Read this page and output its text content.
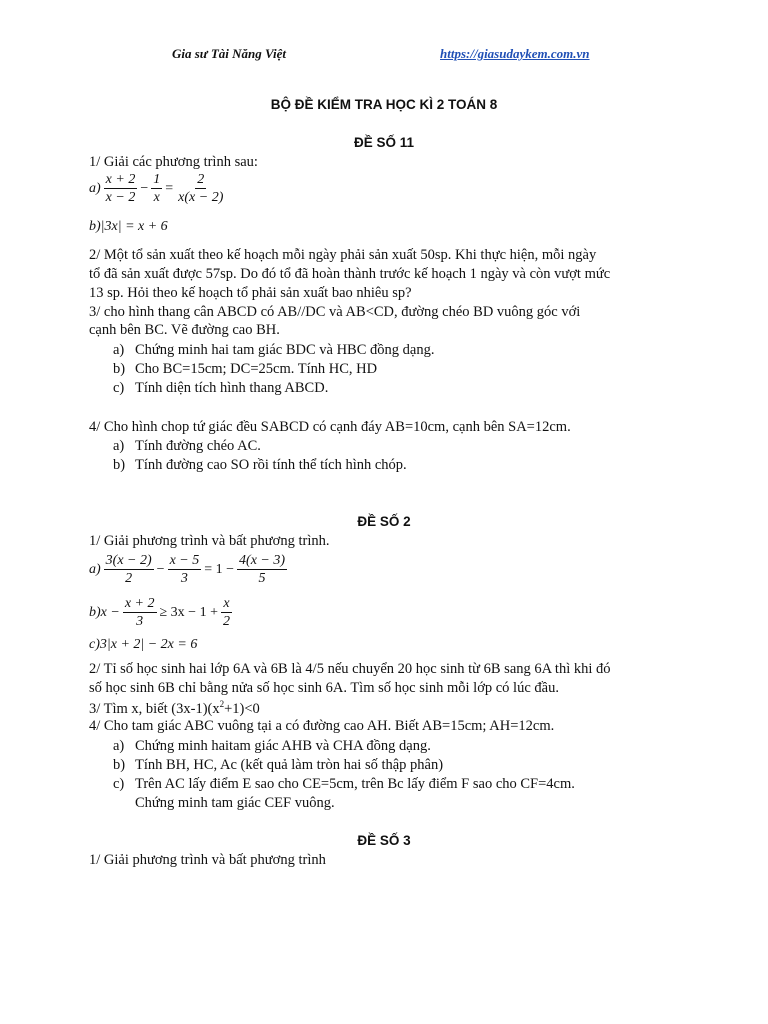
Gia sư Tài Năng Việt	https://giasudaykem.com.vn
BỘ ĐỀ KIỂM TRA HỌC KÌ 2 TOÁN 8
ĐỀ SỐ 11
1/ Giải các phương trình sau:
$a) \frac{x + 2}{x - 2} - \frac{1}{x} = \frac{2}{x(x - 2)}$
b)|3x| = x + 6
2/ Một tổ sản xuất theo kế hoạch mỗi ngày phải sản xuất 50sp. Khi thực hiện, mỗi ngày
tổ đã sản xuất được 57sp. Do đó tổ đã hoàn thành trước kế hoạch 1 ngày và còn vượt mức
13 sp. Hỏi theo kế hoạch tổ phải sản xuất bao nhiêu sp?
3/ cho hình thang cân ABCD có AB//DC và AB<CD, đường chéo BD vuông góc với
cạnh bên BC. Vẽ đường cao BH.
a) Chứng minh hai tam giác BDC và HBC đồng dạng.
b) Cho BC=15cm; DC=25cm. Tính HC, HD
c) Tính diện tích hình thang ABCD.
4/ Cho hình chop tứ giác đều SABCD có cạnh đáy AB=10cm, cạnh bên SA=12cm.
a) Tính đường chéo AC.
b) Tính đường cao SO rồi tính thể tích hình chóp.
ĐỀ SỐ 2
1/ Giải phương trình và bất phương trình.
$a) \frac{3(x - 2)}{2} - \frac{x - 5}{3} = 1 - \frac{4(x - 3)}{5}$
$b)x - \frac{x + 2}{3} \ge 3x - 1 + \frac{x}{2}$
c)3|x + 2| − 2x = 6
2/ Tỉ số học sinh hai lớp 6A và 6B là 4/5 nếu chuyển 20 học sinh từ 6B sang 6A thì khi đó
số học sinh 6B chỉ bằng nửa số học sinh 6A. Tìm số học sinh mỗi lớp có lúc đầu.
3/ Tìm x, biết $(3x-1)(x^2+1)<0$
4/ Cho tam giác ABC vuông tại a có đường cao AH. Biết AB=15cm; AH=12cm.
a) Chứng minh haitam giác AHB và CHA đồng dạng.
b) Tính BH, HC, Ac (kết quả làm tròn hai số thập phân)
c) Trên AC lấy điểm E sao cho CE=5cm, trên Bc lấy điểm F sao cho CF=4cm.
Chứng minh tam giác CEF vuông.
ĐỀ SỐ 3
1/ Giải phương trình và bất phương trình
